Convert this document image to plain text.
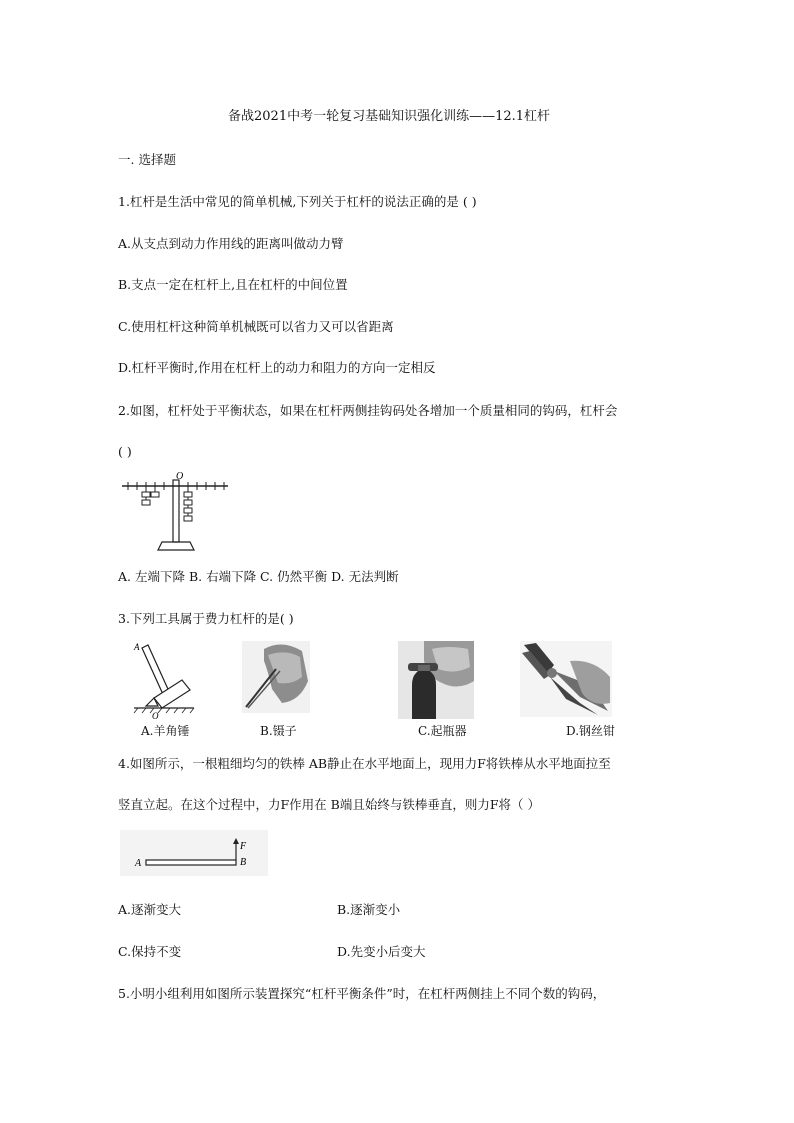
备战2021中考一轮复习基础知识强化训练——12.1杠杆
一. 选择题
1.杠杆是生活中常见的简单机械,下列关于杠杆的说法正确的是 ( )
A.从支点到动力作用线的距离叫做动力臂
B.支点一定在杠杆上,且在杠杆的中间位置
C.使用杠杆这种简单机械既可以省力又可以省距离
D.杠杆平衡时,作用在杠杆上的动力和阻力的方向一定相反
2.如图，杠杆处于平衡状态，如果在杠杆两侧挂钩码处各增加一个质量相同的钩码，杠杆会
( )
O
A. 左端下降 B. 右端下降 C. 仍然平衡 D. 无法判断
3.下列工具属于费力杠杆的是( )
A
O
A.羊角锤	B.镊子	C.起瓶器	D.钢丝钳
4.如图所示，一根粗细均匀的铁棒 AB静止在水平地面上，现用力F将铁棒从水平地面拉至
竖直立起。在这个过程中，力F作用在 B端且始终与铁棒垂直，则力F将（ ）
A	B
F
A.逐渐变大	B.逐渐变小
C.保持不变	D.先变小后变大
5.小明小组利用如图所示装置探究“杠杆平衡条件”时，在杠杆两侧挂上不同个数的钩码，
